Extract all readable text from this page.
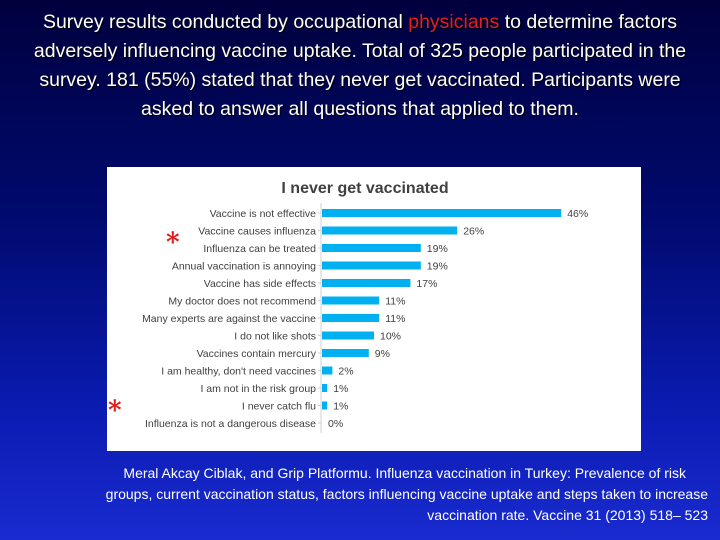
Survey results conducted by occupational physicians to determine factors adversely influencing vaccine uptake. Total of 325 people participated in the survey. 181 (55%) stated that they never get vaccinated. Participants were asked to answer all questions that applied to them.
I never get vaccinated
Vaccine is not effective	46%
Vaccine causes influenza	26%
Influenza can be treated	19%
Annual vaccination is annoying	19%
Vaccine has side effects	17%
My doctor does not recommend	11%
Many experts are against the vaccine	11%
I do not like shots	10%
Vaccines contain mercury	9%
I am healthy, don't need vaccines 2%
I am not in the risk group 1%
I never catch flu 1%
Influenza is not a dangerous disease 0%
*
*
Meral Akcay Ciblak, and Grip Platformu. Influenza vaccination in Turkey: Prevalence of risk
groups, current vaccination status, factors influencing vaccine uptake and steps taken to increase
vaccination rate. Vaccine 31 (2013) 518– 523
